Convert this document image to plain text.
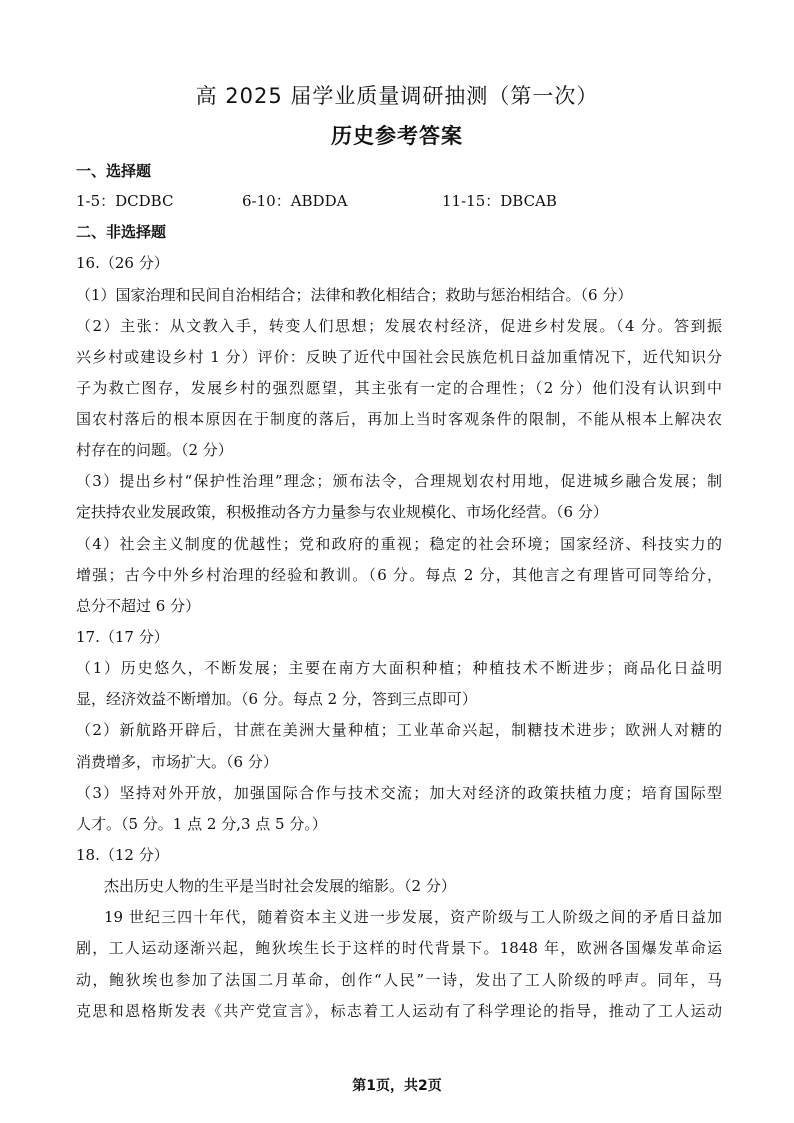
高 2025 届学业质量调研抽测（第一次）
历史参考答案
一、选择题
1-5：DCDBC	6-10：ABDDA	11-15：DBCAB
二、非选择题
16.（26 分）
（1）国家治理和民间自治相结合；法律和教化相结合；救助与惩治相结合。（6 分）
（2）主张：从文教入手，转变人们思想；发展农村经济，促进乡村发展。（4 分。答到振
兴乡村或建设乡村 1 分）评价：反映了近代中国社会民族危机日益加重情况下，近代知识分
子为救亡图存，发展乡村的强烈愿望，其主张有一定的合理性；（2 分）他们没有认识到中
国农村落后的根本原因在于制度的落后，再加上当时客观条件的限制，不能从根本上解决农
村存在的问题。（2 分）
（3）提出乡村“保护性治理”理念；颁布法令，合理规划农村用地，促进城乡融合发展；制
定扶持农业发展政策，积极推动各方力量参与农业规模化、市场化经营。（6 分）
（4）社会主义制度的优越性；党和政府的重视；稳定的社会环境；国家经济、科技实力的
增强；古今中外乡村治理的经验和教训。（6 分。每点 2 分，其他言之有理皆可同等给分，
总分不超过 6 分）
17.（17 分）
（1）历史悠久，不断发展；主要在南方大面积种植；种植技术不断进步；商品化日益明
显，经济效益不断增加。（6 分。每点 2 分，答到三点即可）
（2）新航路开辟后，甘蔗在美洲大量种植；工业革命兴起，制糖技术进步；欧洲人对糖的
消费增多，市场扩大。（6 分）
（3）坚持对外开放，加强国际合作与技术交流；加大对经济的政策扶植力度；培育国际型
人才。（5 分。1 点 2 分,3 点 5 分。）
18.（12 分）
杰出历史人物的生平是当时社会发展的缩影。（2 分）
19 世纪三四十年代，随着资本主义进一步发展，资产阶级与工人阶级之间的矛盾日益加
剧，工人运动逐渐兴起，鲍狄埃生长于这样的时代背景下。1848 年，欧洲各国爆发革命运
动，鲍狄埃也参加了法国二月革命，创作“人民”一诗，发出了工人阶级的呼声。同年，马
克思和恩格斯发表《共产党宣言》，标志着工人运动有了科学理论的指导，推动了工人运动
第1页，共2页
